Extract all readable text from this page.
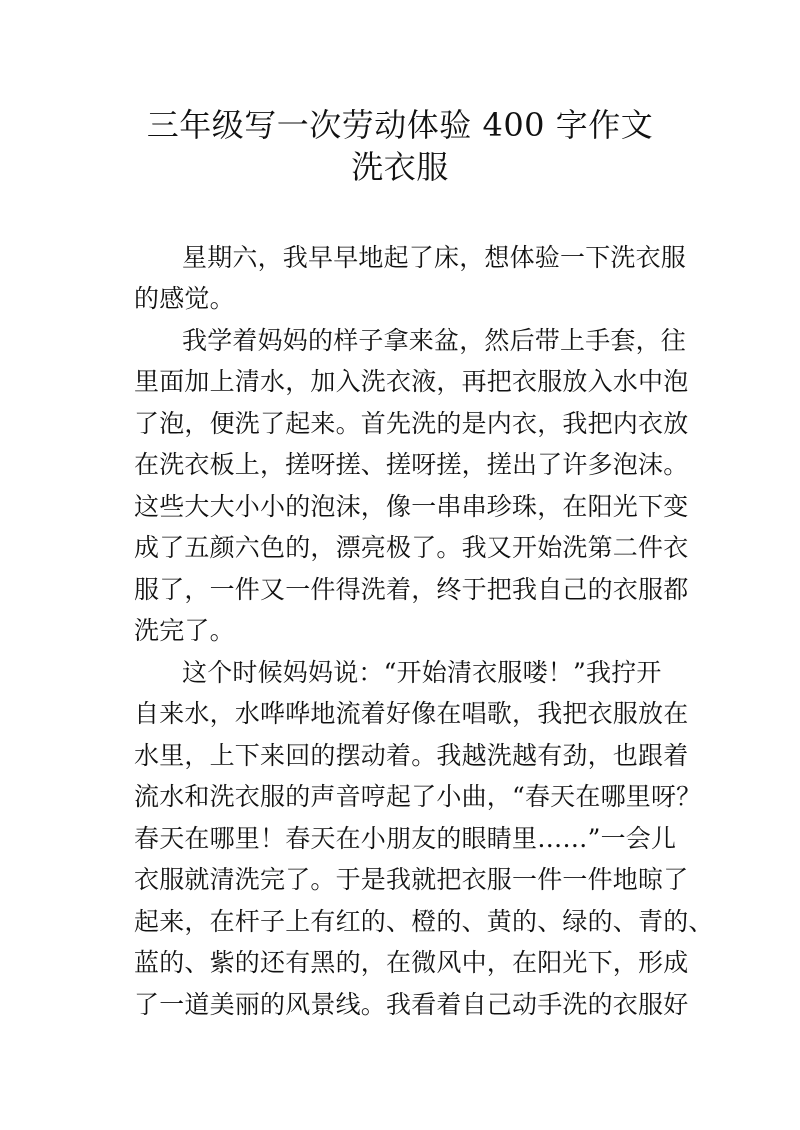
三年级写一次劳动体验 400 字作文
洗衣服
星期六，我早早地起了床，想体验一下洗衣服
的感觉。
我学着妈妈的样子拿来盆，然后带上手套，往
里面加上清水，加入洗衣液，再把衣服放入水中泡
了泡，便洗了起来。首先洗的是内衣，我把内衣放
在洗衣板上，搓呀搓、搓呀搓，搓出了许多泡沫。
这些大大小小的泡沫，像一串串珍珠，在阳光下变
成了五颜六色的，漂亮极了。我又开始洗第二件衣
服了，一件又一件得洗着，终于把我自己的衣服都
洗完了。
这个时候妈妈说：“开始清衣服喽！”我拧开
自来水，水哗哗地流着好像在唱歌，我把衣服放在
水里，上下来回的摆动着。我越洗越有劲，也跟着
流水和洗衣服的声音哼起了小曲，“春天在哪里呀？
春天在哪里！春天在小朋友的眼睛里……”一会儿
衣服就清洗完了。于是我就把衣服一件一件地晾了
起来，在杆子上有红的、橙的、黄的、绿的、青的、
蓝的、紫的还有黑的，在微风中，在阳光下，形成
了一道美丽的风景线。我看着自己动手洗的衣服好
